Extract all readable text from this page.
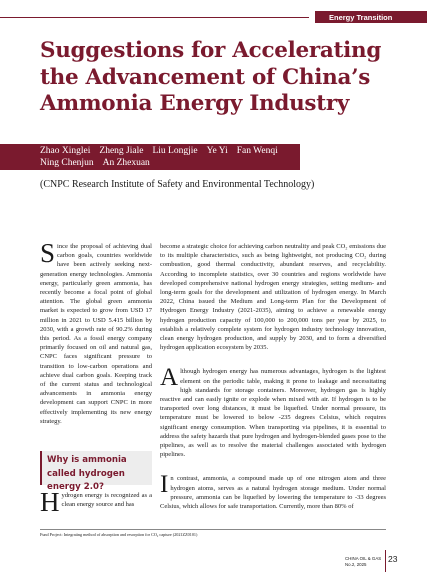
Energy Transition
Suggestions for Accelerating the Advancement of China’s Ammonia Energy Industry
Zhao Xinglei Zheng Jiale Liu Longjie Ye Yi Fan Wenqi
Ning Chenjun An Zhexuan
(CNPC Research Institute of Safety and Environmental Technology)

Since the proposal of achieving dual carbon goals, countries worldwide have been actively seeking next-generation energy technologies. Ammonia energy, particularly green ammonia, has recently become a focal point of global attention. The global green ammonia market is expected to grow from USD 17 million in 2021 to USD 5.415 billion by 2030, with a growth rate of 90.2% during this period. As a fossil energy company primarily focused on oil and natural gas, CNPC faces significant pressure to transition to low-carbon operations and achieve dual carbon goals. Keeping track of the current status and technological advancements in ammonia energy development can support CNPC in more effectively implementing its new energy strategy.

Why is ammonia called hydrogen energy 2.0?

Hydrogen energy is recognized as a clean energy source and has

become a strategic choice for achieving carbon neutrality and peak CO₂ emissions due to its multiple characteristics, such as being lightweight, not producing CO₂ during combustion, good thermal conductivity, abundant reserves, and recyclability. According to incomplete statistics, over 30 countries and regions worldwide have developed comprehensive national hydrogen energy strategies, setting medium- and long-term goals for the development and utilization of hydrogen energy. In March 2022, China issued the Medium and Long-term Plan for the Development of Hydrogen Energy Industry (2021-2035), aiming to achieve a renewable energy hydrogen production capacity of 100,000 to 200,000 tons per year by 2025, to establish a relatively complete system for hydrogen industry technology innovation, clean energy hydrogen production, and supply by 2030, and to form a diversified hydrogen application ecosystem by 2035.

Although hydrogen energy has numerous advantages, hydrogen is the lightest element on the periodic table, making it prone to leakage and necessitating high standards for storage containers. Moreover, hydrogen gas is highly reactive and can easily ignite or explode when mixed with air. If hydrogen is to be transported over long distances, it must be liquefied. Under normal pressure, its temperature must be lowered to below -235 degrees Celsius, which requires significant energy consumption. When transporting via pipelines, it is essential to address the safety hazards that pure hydrogen and hydrogen-blended gases pose to the pipelines, as well as to resolve the material challenges associated with hydrogen pipelines.

In contrast, ammonia, a compound made up of one nitrogen atom and three hydrogen atoms, serves as a natural hydrogen storage medium. Under normal pressure, ammonia can be liquefied by lowering the temperature to -33 degrees Celsius, which allows for safe transportation. Currently, more than 80% of

Fund Project: Integrating method of absorption and resorption for CO₂ capture (2021ZZ0101)
CHINA OIL & GAS
No.2, 2025	23
